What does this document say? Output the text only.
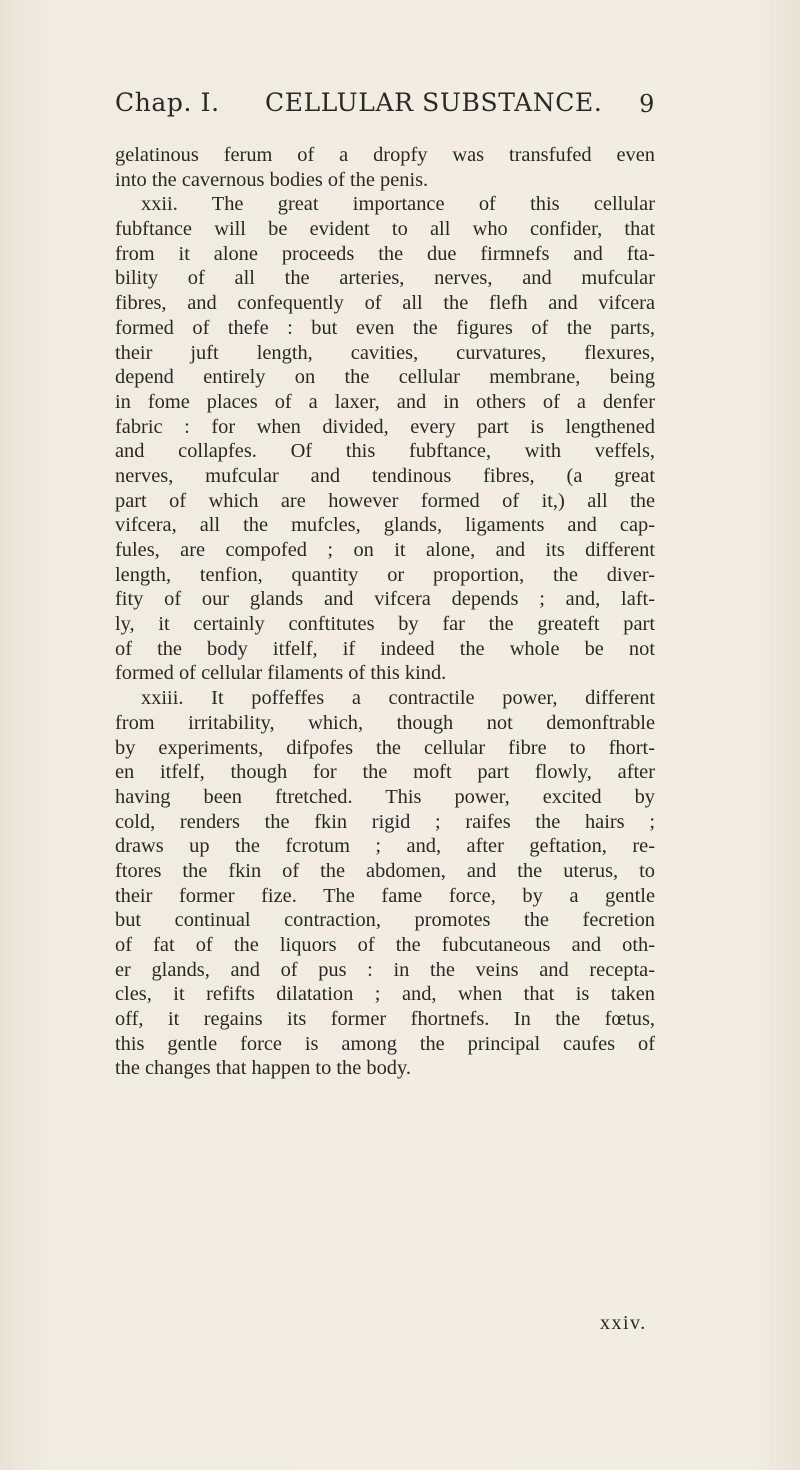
Chap. I. CELLULAR SUBSTANCE. 9
gelatinous ferum of a dropfy was transfufed even
into the cavernous bodies of the penis.
xxii. The great importance of this cellular
fubftance will be evident to all who confider, that
from it alone proceeds the due firmnefs and fta-
bility of all the arteries, nerves, and mufcular
fibres, and confequently of all the flefh and vifcera
formed of thefe : but even the figures of the parts,
their juft length, cavities, curvatures, flexures,
depend entirely on the cellular membrane, being
in fome places of a laxer, and in others of a denfer
fabric : for when divided, every part is lengthened
and collapfes. Of this fubftance, with veffels,
nerves, mufcular and tendinous fibres, (a great
part of which are however formed of it,) all the
vifcera, all the mufcles, glands, ligaments and cap-
fules, are compofed ; on it alone, and its different
length, tenfion, quantity or proportion, the diver-
fity of our glands and vifcera depends ; and, laft-
ly, it certainly conftitutes by far the greateft part
of the body itfelf, if indeed the whole be not
formed of cellular filaments of this kind.
xxiii. It poffeffes a contractile power, different
from irritability, which, though not demonftrable
by experiments, difpofes the cellular fibre to fhort-
en itfelf, though for the moft part flowly, after
having been ftretched. This power, excited by
cold, renders the fkin rigid ; raifes the hairs ;
draws up the fcrotum ; and, after geftation, re-
ftores the fkin of the abdomen, and the uterus, to
their former fize. The fame force, by a gentle
but continual contraction, promotes the fecretion
of fat of the liquors of the fubcutaneous and oth-
er glands, and of pus : in the veins and recepta-
cles, it refifts dilatation ; and, when that is taken
off, it regains its former fhortnefs. In the fœtus,
this gentle force is among the principal caufes of
the changes that happen to the body.
xxiv.
